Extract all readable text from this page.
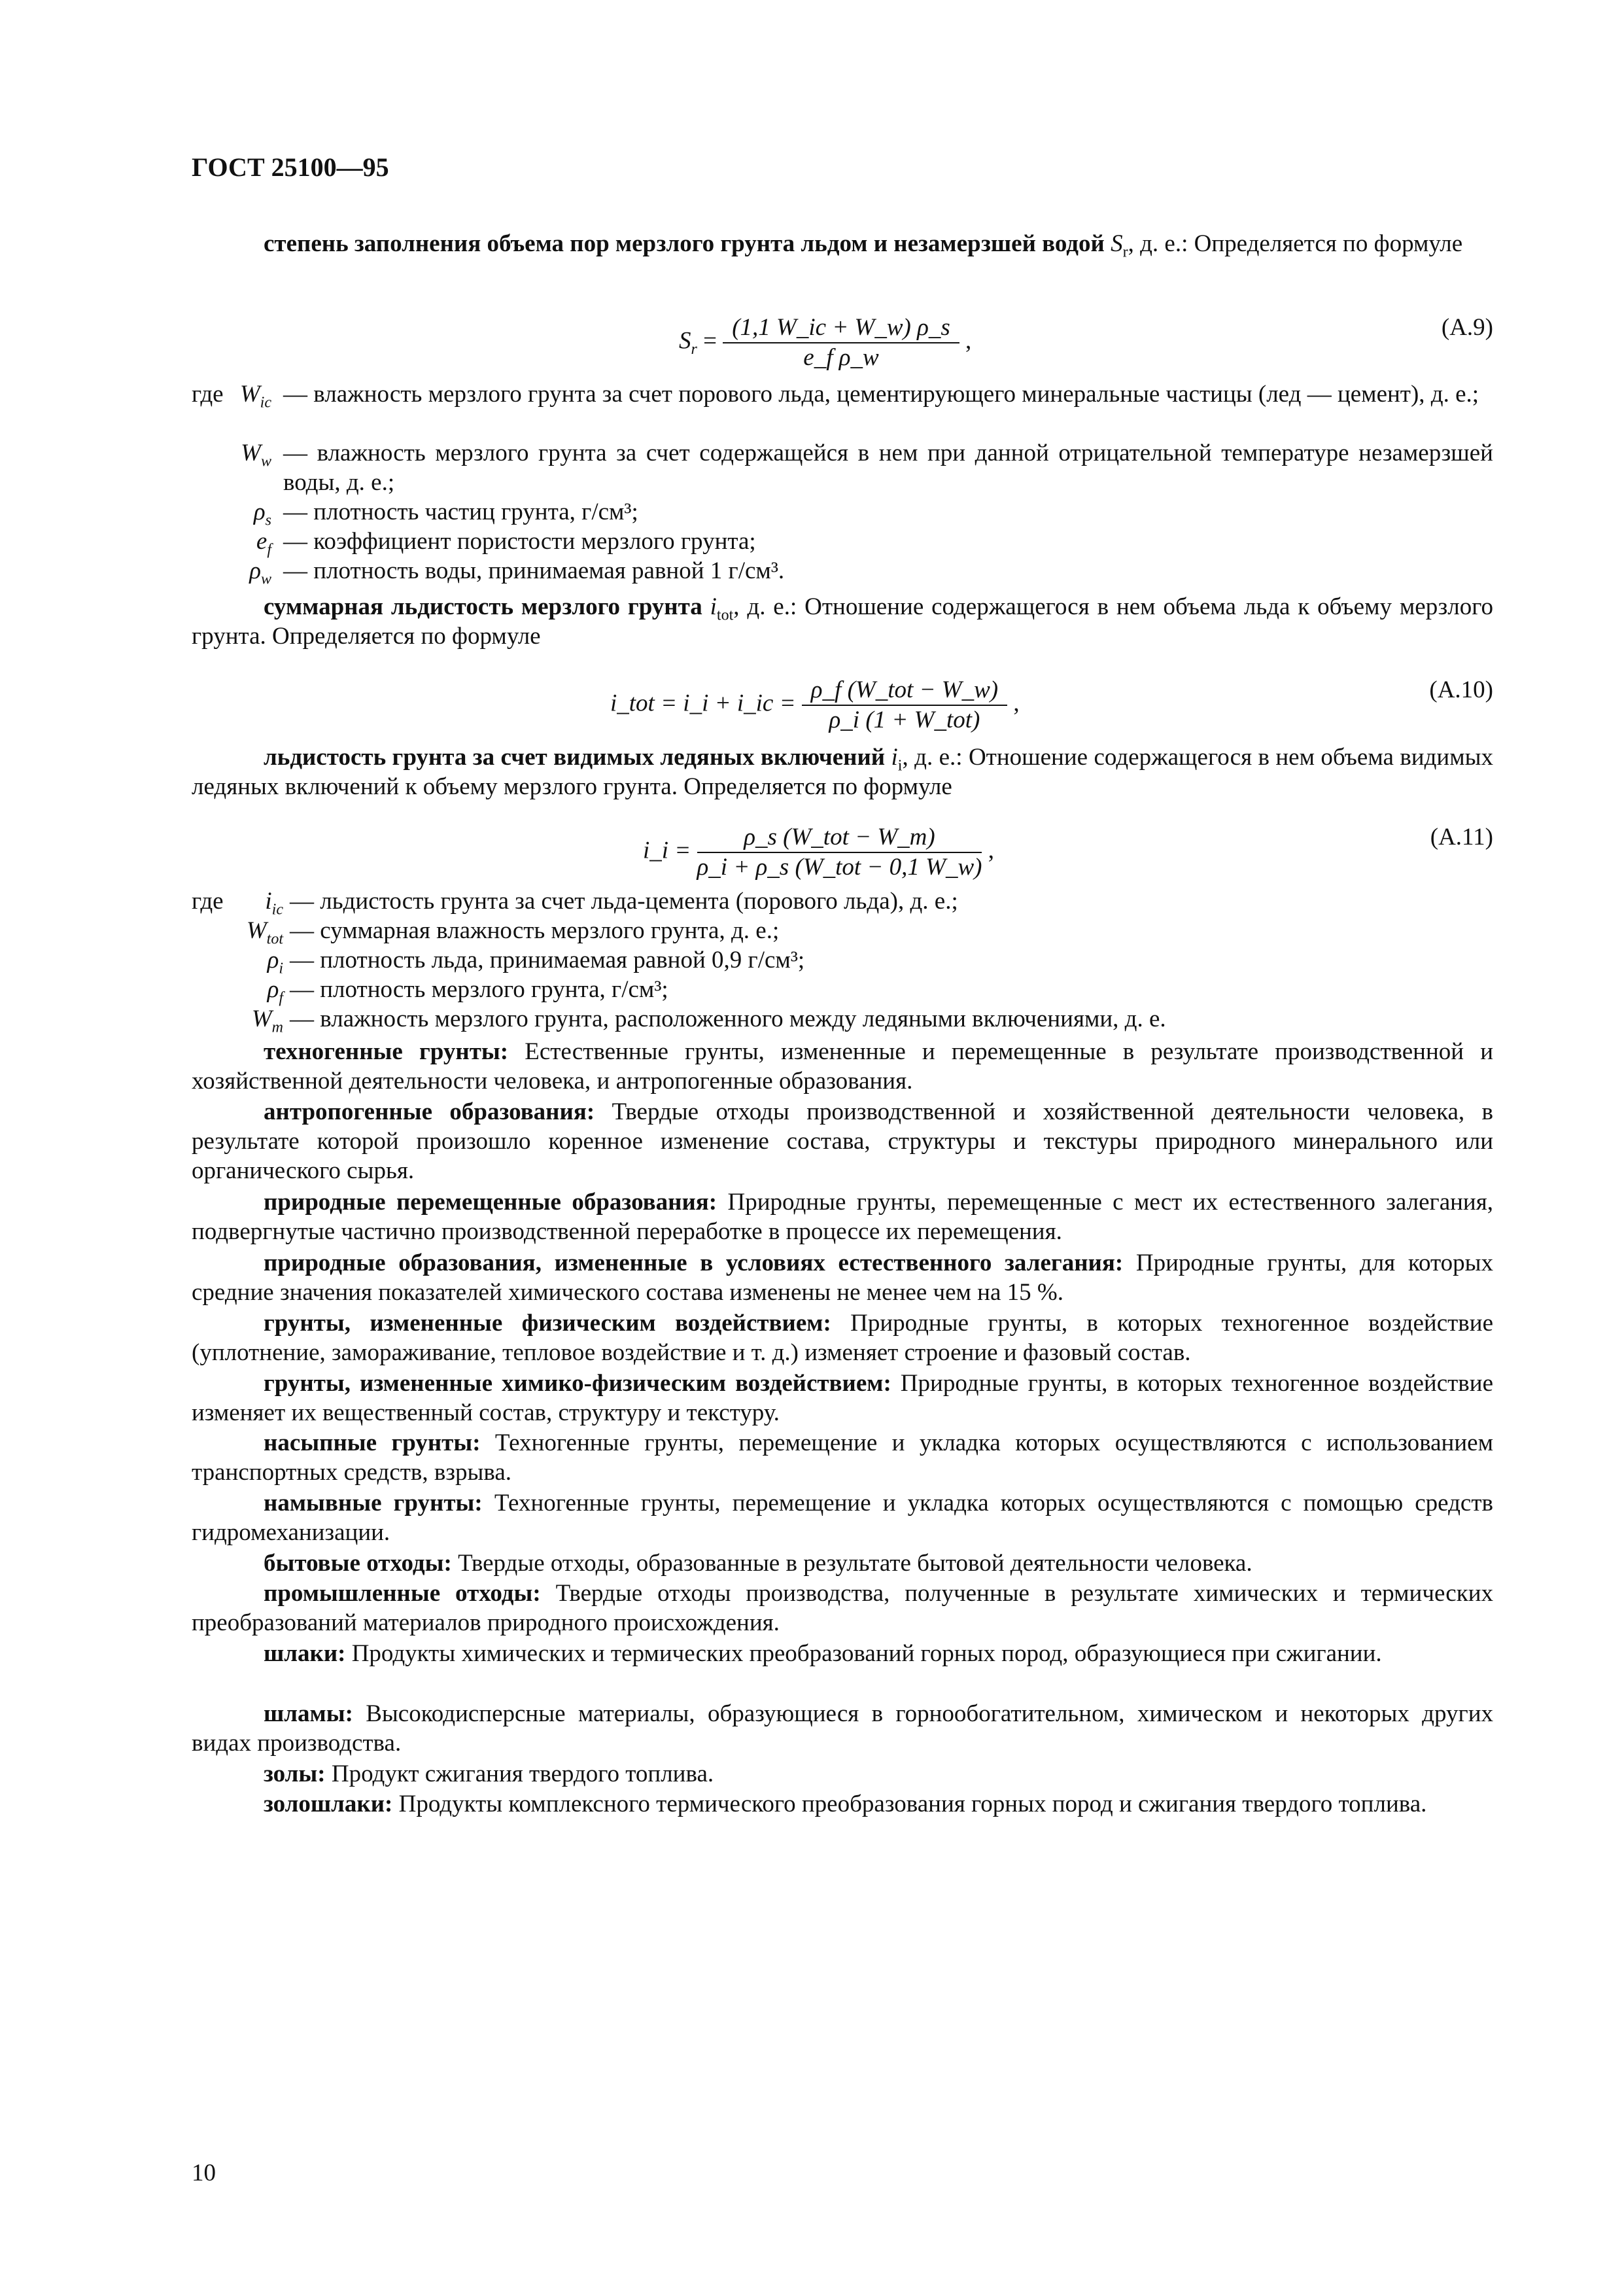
ГОСТ 25100—95
степень заполнения объема пор мерзлого грунта льдом и незамерзшей водой $S_r$, д. е.: Определяется по формуле
$S_r = \frac{(1,1 W\_ic + W\_w) \rho\_s}{\text{e\_f ρ\_w}}$ ,	(А.9)
где $W_{ic}$ — влажность мерзлого грунта за счет порового льда, цементирующего минеральные частицы (лед — цемент), д. е.;
$W_w$ — влажность мерзлого грунта за счет содержащейся в нем при данной отрицательной температуре незамерзшей воды, д. е.;
$\rho_s$ — плотность частиц грунта, г/см³;
$e_f$ — коэффициент пористости мерзлого грунта;
$\rho_w$ — плотность воды, принимаемая равной 1 г/см³.
суммарная льдистость мерзлого грунта $i_{tot}$, д. е.: Отношение содержащегося в нем объема льда к объему мерзлого грунта. Определяется по формуле
i_tot = i_i + i_ic = $\frac{\text{ρ\_f (W\_tot − W\_w)}}{\text{ρ\_i (1 + W\_tot)}}$ ,	(А.10)
льдистость грунта за счет видимых ледяных включений $i_i$, д. е.: Отношение содержащегося в нем объема видимых ледяных включений к объему мерзлого грунта. Определяется по формуле
i_i = $\frac{\text{ρ\_s (W\_tot − W\_m)}}{\text{ρ\_i + ρ\_s (W\_tot − 0,1 W\_w)}}$ ,	(А.11)
где	$i_{ic}$ — льдистость грунта за счет льда-цемента (порового льда), д. е.;
$W_{tot}$ — суммарная влажность мерзлого грунта, д. е.;
$\rho_i$ — плотность льда, принимаемая равной 0,9 г/см³;
$\rho_f$ — плотность мерзлого грунта, г/см³;
$W_m$ — влажность мерзлого грунта, расположенного между ледяными включениями, д. е.
техногенные грунты: Естественные грунты, измененные и перемещенные в результате производственной и хозяйственной деятельности человека, и антропогенные образования.
антропогенные образования: Твердые отходы производственной и хозяйственной деятельности человека, в результате которой произошло коренное изменение состава, структуры и текстуры природного минерального или органического сырья.
природные перемещенные образования: Природные грунты, перемещенные с мест их естественного залегания, подвергнутые частично производственной переработке в процессе их перемещения.
природные образования, измененные в условиях естественного залегания: Природные грунты, для которых средние значения показателей химического состава изменены не менее чем на 15 %.
грунты, измененные физическим воздействием: Природные грунты, в которых техногенное воздействие (уплотнение, замораживание, тепловое воздействие и т. д.) изменяет строение и фазовый состав.
грунты, измененные химико-физическим воздействием: Природные грунты, в которых техногенное воздействие изменяет их вещественный состав, структуру и текстуру.
насыпные грунты: Техногенные грунты, перемещение и укладка которых осуществляются с использованием транспортных средств, взрыва.
намывные грунты: Техногенные грунты, перемещение и укладка которых осуществляются с помощью средств гидромеханизации.
бытовые отходы: Твердые отходы, образованные в результате бытовой деятельности человека.
промышленные отходы: Твердые отходы производства, полученные в результате химических и термических преобразований материалов природного происхождения.
шлаки: Продукты химических и термических преобразований горных пород, образующиеся при сжигании.
шламы: Высокодисперсные материалы, образующиеся в горнообогатительном, химическом и некоторых других видах производства.
золы: Продукт сжигания твердого топлива.
золошлаки: Продукты комплексного термического преобразования горных пород и сжигания твердого топлива.
10
